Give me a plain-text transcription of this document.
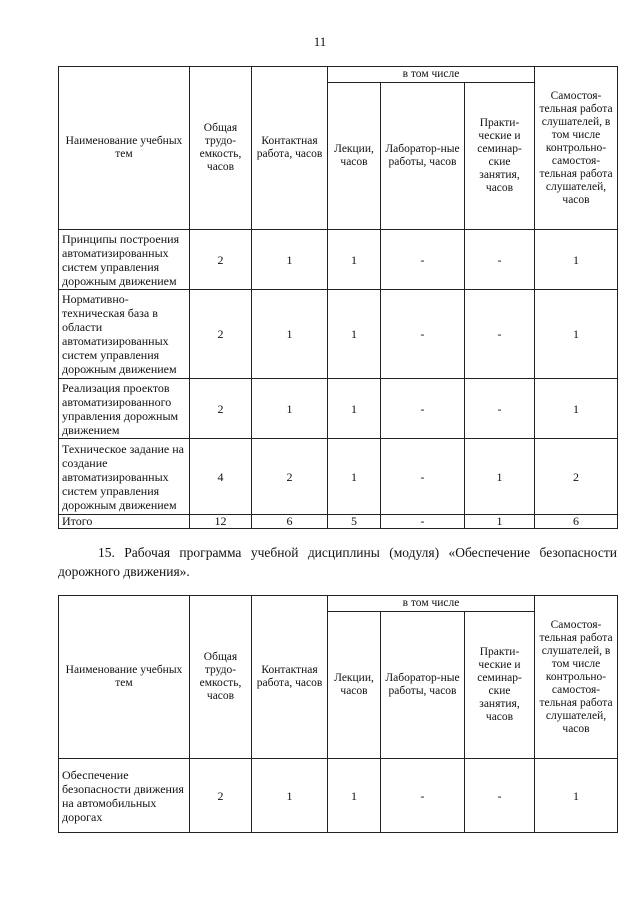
11
Наименование учебных тем	Общая трудо-емкость, часов	Контактная работа, часов	в том числе			Самостоя-тельная работа слушателей, в том числе контрольно-самостоя-тельная работа слушателей, часов
			Лекции, часов	Лаборатор-ные работы, часов	Практи-ческие и семинар-ские занятия, часов	
Принципы построения автоматизированных систем управления дорожным движением	2	1	1	-	-	1
Нормативно-техническая база в области автоматизированных систем управления дорожным движением	2	1	1	-	-	1
Реализация проектов автоматизированного управления дорожным движением	2	1	1	-	-	1
Техническое задание на создание автоматизированных систем управления дорожным движением	4	2	1	-	1	2
Итого	12	6	5	-	1	6
15. Рабочая программа учебной дисциплины (модуля) «Обеспечение безопасности дорожного движения».
Наименование учебных тем	Общая трудо-емкость, часов	Контактная работа, часов	в том числе			Самостоя-тельная работа слушателей, в том числе контрольно-самостоя-тельная работа слушателей, часов
			Лекции, часов	Лаборатор-ные работы, часов	Практи-ческие и семинар-ские занятия, часов	
Обеспечение безопасности движения на автомобильных дорогах	2	1	1	-	-	1
